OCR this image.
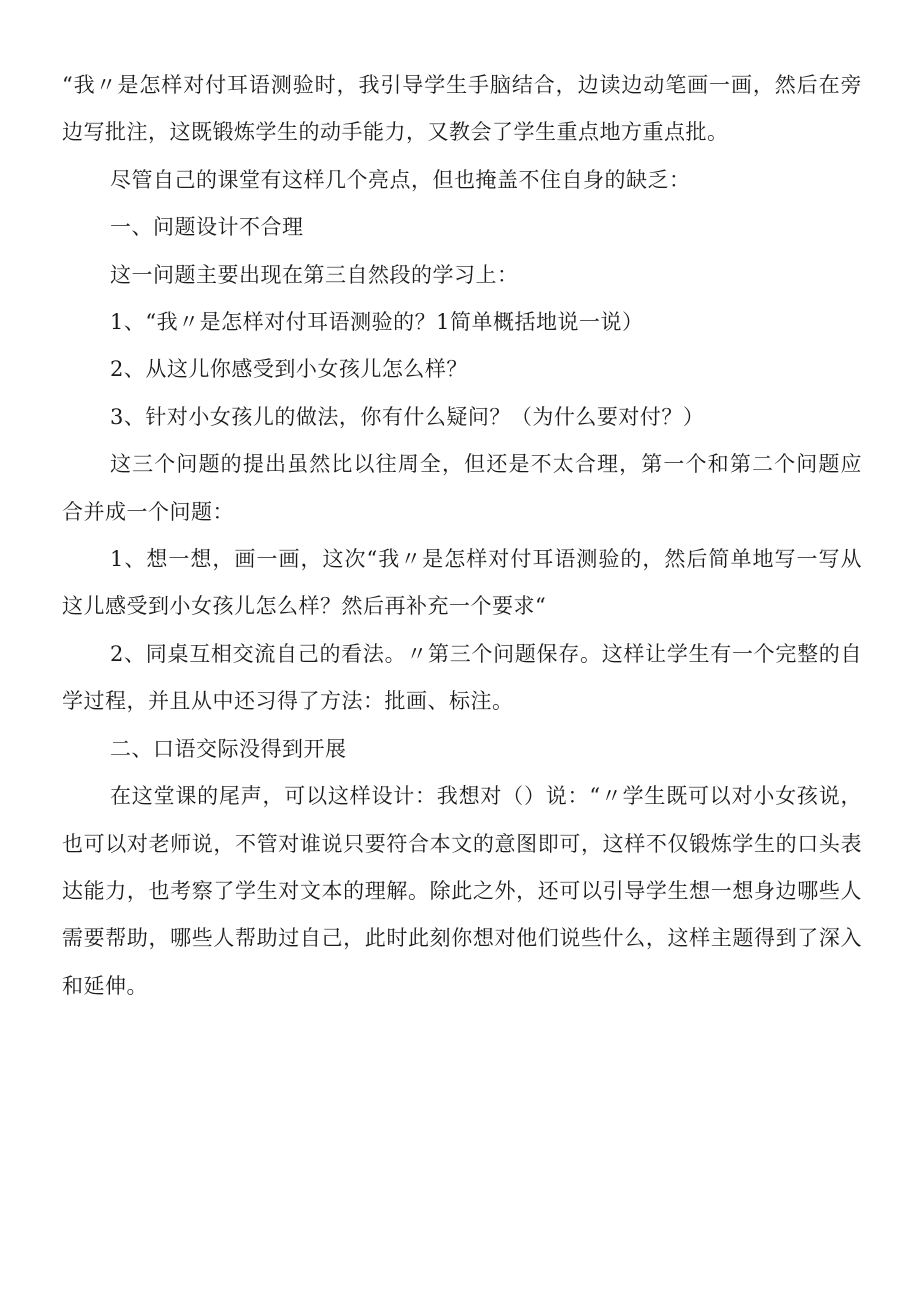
“我〃是怎样对付耳语测验时，我引导学生手脑结合，边读边动笔画一画，然后在旁边写批注，这既锻炼学生的动手能力，又教会了学生重点地方重点批。

尽管自己的课堂有这样几个亮点，但也掩盖不住自身的缺乏：

一、问题设计不合理

这一问题主要出现在第三自然段的学习上：

1、“我〃是怎样对付耳语测验的？1简单概括地说一说）

2、从这儿你感受到小女孩儿怎么样？

3、针对小女孩儿的做法，你有什么疑问？（为什么要对付？）

这三个问题的提出虽然比以往周全，但还是不太合理，第一个和第二个问题应合并成一个问题：

1、想一想，画一画，这次“我〃是怎样对付耳语测验的，然后简单地写一写从这儿感受到小女孩儿怎么样？然后再补充一个要求“

2、同桌互相交流自己的看法。〃第三个问题保存。这样让学生有一个完整的自学过程，并且从中还习得了方法：批画、标注。

二、口语交际没得到开展

在这堂课的尾声，可以这样设计：我想对（）说：“〃学生既可以对小女孩说，也可以对老师说，不管对谁说只要符合本文的意图即可，这样不仅锻炼学生的口头表达能力，也考察了学生对文本的理解。除此之外，还可以引导学生想一想身边哪些人需要帮助，哪些人帮助过自己，此时此刻你想对他们说些什么，这样主题得到了深入和延伸。
